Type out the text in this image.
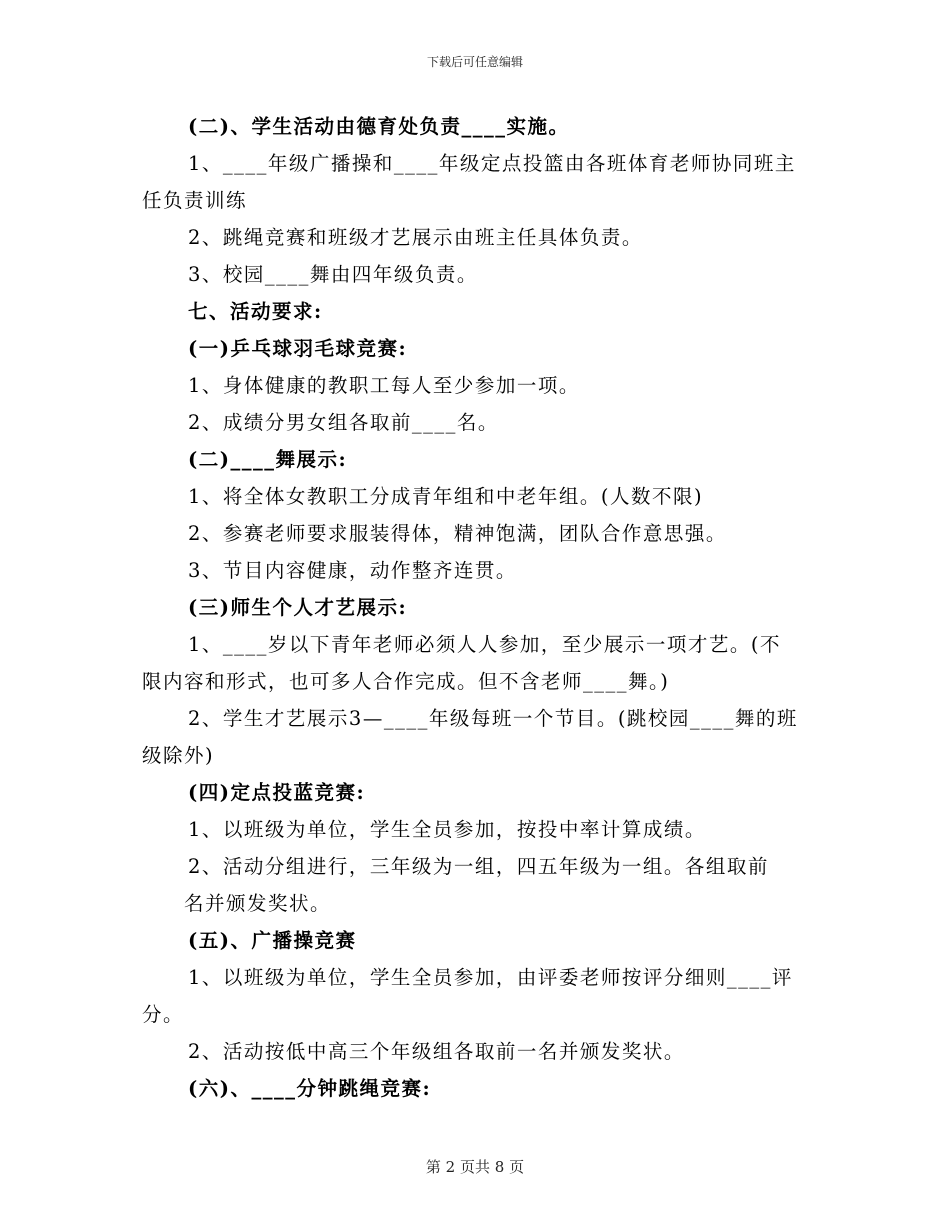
下载后可任意编辑
(二)、学生活动由德育处负责____实施。
1、____年级广播操和____年级定点投篮由各班体育老师协同班主
任负责训练
2、跳绳竞赛和班级才艺展示由班主任具体负责。
3、校园____舞由四年级负责。
七、活动要求:
(一)乒乓球羽毛球竞赛:
1、身体健康的教职工每人至少参加一项。
2、成绩分男女组各取前____名。
(二)____舞展示:
1、将全体女教职工分成青年组和中老年组。(人数不限)
2、参赛老师要求服装得体，精神饱满，团队合作意思强。
3、节目内容健康，动作整齐连贯。
(三)师生个人才艺展示:
1、____岁以下青年老师必须人人参加，至少展示一项才艺。(不
限内容和形式，也可多人合作完成。但不含老师____舞。)
2、学生才艺展示3—____年级每班一个节目。(跳校园____舞的班
级除外)
(四)定点投蓝竞赛:
1、以班级为单位，学生全员参加，按投中率计算成绩。
2、活动分组进行，三年级为一组，四五年级为一组。各组取前
名并颁发奖状。
(五)、广播操竞赛
1、以班级为单位，学生全员参加，由评委老师按评分细则____评
分。
2、活动按低中高三个年级组各取前一名并颁发奖状。
(六)、____分钟跳绳竞赛:
第 2 页共 8 页
